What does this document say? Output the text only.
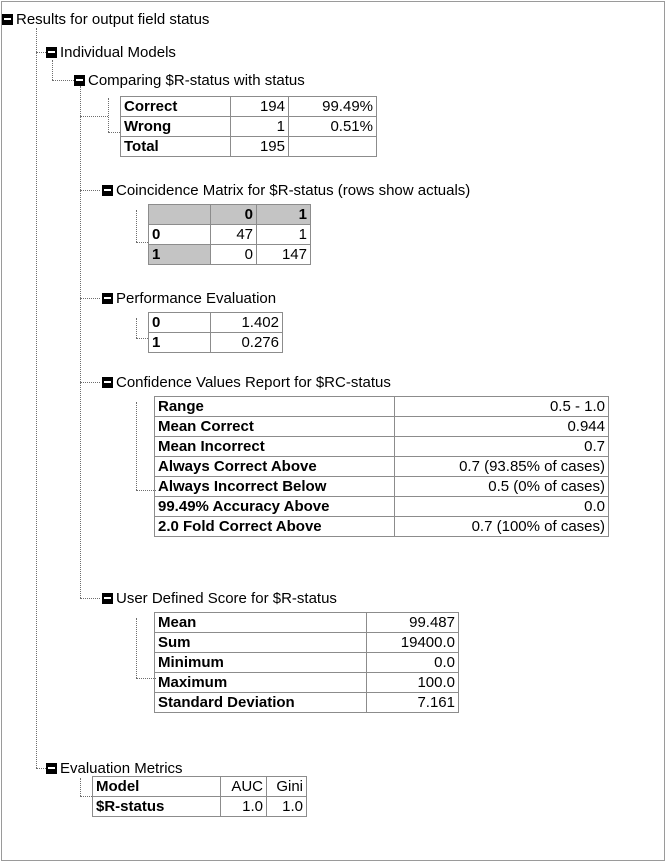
Results for output field status
Individual Models
Comparing $R-status with status
Correct	194	99.49%
Wrong	1	0.51%
Total	195	
Coincidence Matrix for $R-status (rows show actuals)
	0	1
0	47	1
1	0	147
Performance Evaluation
0	1.402
1	0.276
Confidence Values Report for $RC-status
Range	0.5 - 1.0
Mean Correct	0.944
Mean Incorrect	0.7
Always Correct Above	0.7 (93.85% of cases)
Always Incorrect Below	0.5 (0% of cases)
99.49% Accuracy Above	0.0
2.0 Fold Correct Above	0.7 (100% of cases)
User Defined Score for $R-status
Mean	99.487
Sum	19400.0
Minimum	0.0
Maximum	100.0
Standard Deviation	7.161
Evaluation Metrics
Model	AUC	Gini
$R-status	1.0	1.0
